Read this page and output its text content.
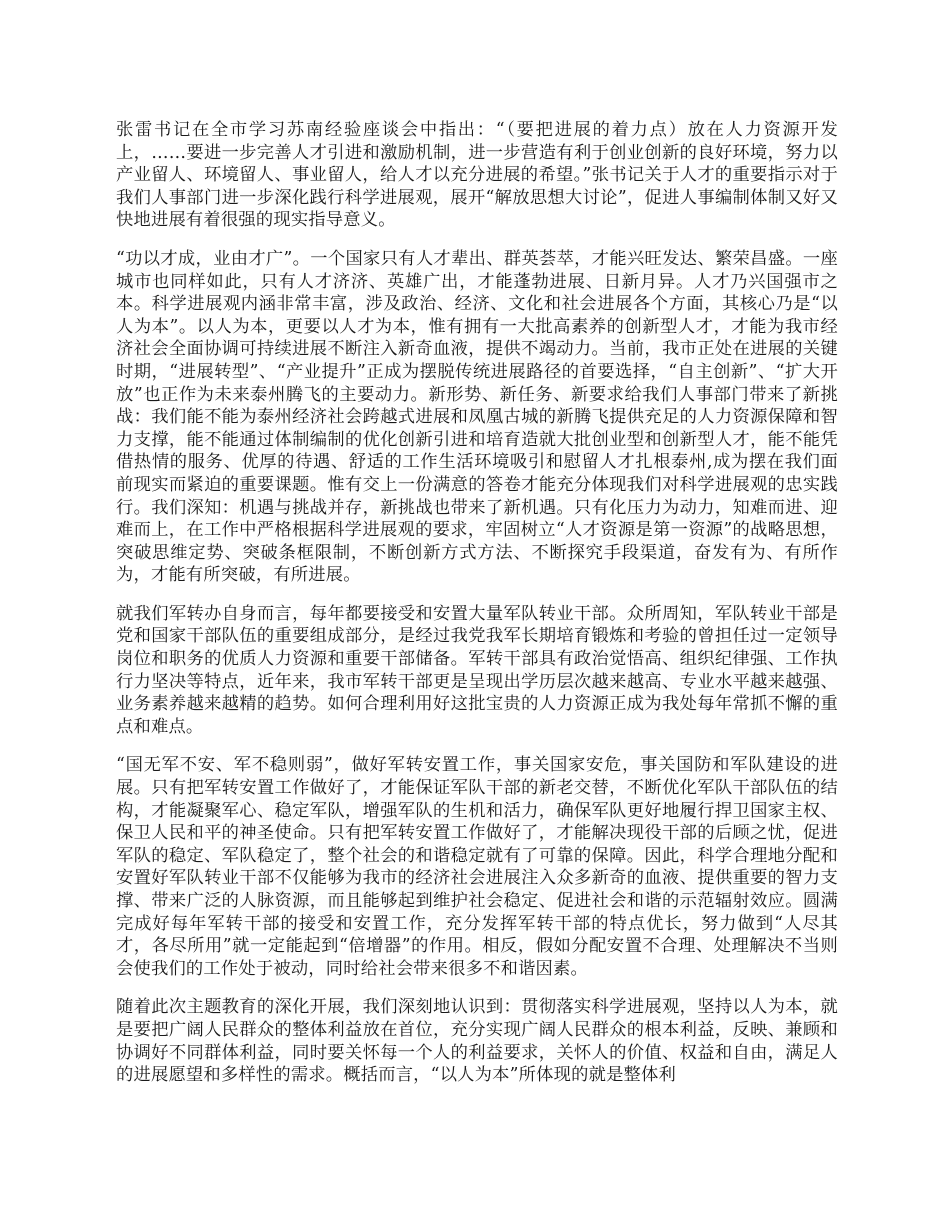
张雷书记在全市学习苏南经验座谈会中指出：“（要把进展的着力点）放在人力资源开发上，……要进一步完善人才引进和激励机制，进一步营造有利于创业创新的良好环境，努力以产业留人、环境留人、事业留人，给人才以充分进展的希望。”张书记关于人才的重要指示对于我们人事部门进一步深化践行科学进展观，展开“解放思想大讨论”，促进人事编制体制又好又快地进展有着很强的现实指导意义。

“功以才成，业由才广”。一个国家只有人才辈出、群英荟萃，才能兴旺发达、繁荣昌盛。一座城市也同样如此，只有人才济济、英雄广出，才能蓬勃进展、日新月异。人才乃兴国强市之本。科学进展观内涵非常丰富，涉及政治、经济、文化和社会进展各个方面，其核心乃是“以人为本”。以人为本，更要以人才为本，惟有拥有一大批高素养的创新型人才，才能为我市经济社会全面协调可持续进展不断注入新奇血液，提供不竭动力。当前，我市正处在进展的关键时期，“进展转型”、“产业提升”正成为摆脱传统进展路径的首要选择，“自主创新”、“扩大开放”也正作为未来泰州腾飞的主要动力。新形势、新任务、新要求给我们人事部门带来了新挑战：我们能不能为泰州经济社会跨越式进展和凤凰古城的新腾飞提供充足的人力资源保障和智力支撑，能不能通过体制编制的优化创新引进和培育造就大批创业型和创新型人才，能不能凭借热情的服务、优厚的待遇、舒适的工作生活环境吸引和慰留人才扎根泰州,成为摆在我们面前现实而紧迫的重要课题。惟有交上一份满意的答卷才能充分体现我们对科学进展观的忠实践行。我们深知：机遇与挑战并存，新挑战也带来了新机遇。只有化压力为动力，知难而进、迎难而上，在工作中严格根据科学进展观的要求，牢固树立“人才资源是第一资源”的战略思想，突破思维定势、突破条框限制，不断创新方式方法、不断探究手段渠道，奋发有为、有所作为，才能有所突破，有所进展。

就我们军转办自身而言，每年都要接受和安置大量军队转业干部。众所周知，军队转业干部是党和国家干部队伍的重要组成部分，是经过我党我军长期培育锻炼和考验的曾担任过一定领导岗位和职务的优质人力资源和重要干部储备。军转干部具有政治觉悟高、组织纪律强、工作执行力坚决等特点，近年来，我市军转干部更是呈现出学历层次越来越高、专业水平越来越强、业务素养越来越精的趋势。如何合理利用好这批宝贵的人力资源正成为我处每年常抓不懈的重点和难点。

“国无军不安、军不稳则弱”，做好军转安置工作，事关国家安危，事关国防和军队建设的进展。只有把军转安置工作做好了，才能保证军队干部的新老交替，不断优化军队干部队伍的结构，才能凝聚军心、稳定军队，增强军队的生机和活力，确保军队更好地履行捍卫国家主权、保卫人民和平的神圣使命。只有把军转安置工作做好了，才能解决现役干部的后顾之忧，促进军队的稳定、军队稳定了，整个社会的和谐稳定就有了可靠的保障。因此，科学合理地分配和安置好军队转业干部不仅能够为我市的经济社会进展注入众多新奇的血液、提供重要的智力支撑、带来广泛的人脉资源，而且能够起到维护社会稳定、促进社会和谐的示范辐射效应。圆满完成好每年军转干部的接受和安置工作，充分发挥军转干部的特点优长，努力做到“人尽其才，各尽所用”就一定能起到“倍增器”的作用。相反，假如分配安置不合理、处理解决不当则会使我们的工作处于被动，同时给社会带来很多不和谐因素。

随着此次主题教育的深化开展，我们深刻地认识到：贯彻落实科学进展观，坚持以人为本，就是要把广阔人民群众的整体利益放在首位，充分实现广阔人民群众的根本利益，反映、兼顾和协调好不同群体利益，同时要关怀每一个人的利益要求，关怀人的价值、权益和自由，满足人的进展愿望和多样性的需求。概括而言，“以人为本”所体现的就是整体利
